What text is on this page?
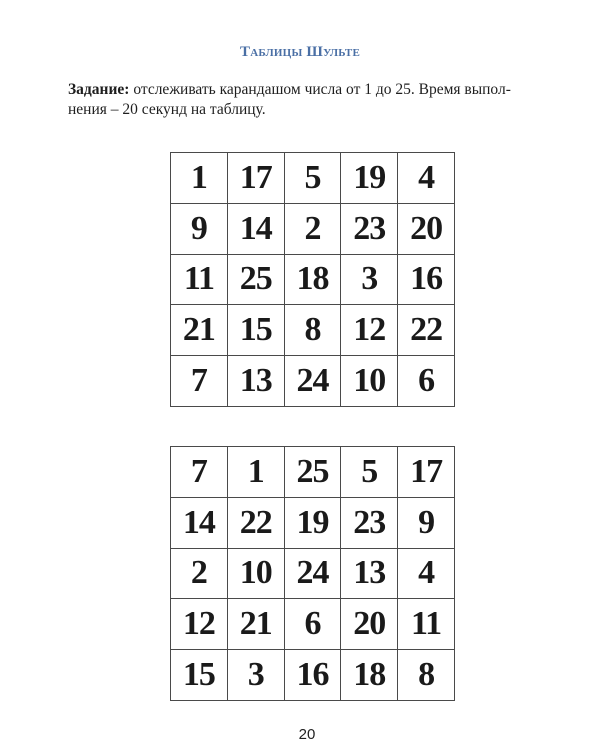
Таблицы Шульте
Задание: отслеживать карандашом числа от 1 до 25. Время выпол-
нения – 20 секунд на таблицу.
1	17	5	19	4
9	14	2	23	20
11	25	18	3	16
21	15	8	12	22
7	13	24	10	6
7	1	25	5	17
14	22	19	23	9
2	10	24	13	4
12	21	6	20	11
15	3	16	18	8
20
